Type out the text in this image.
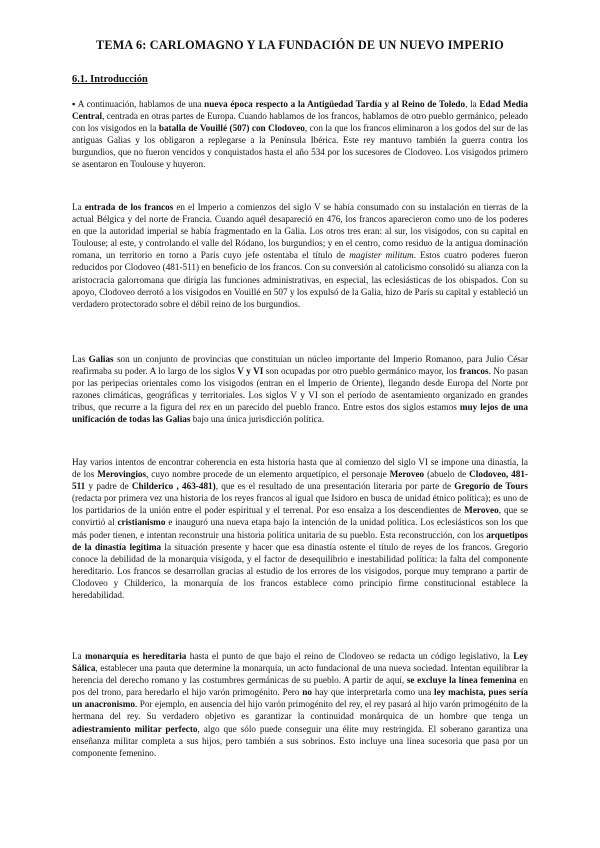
TEMA 6: CARLOMAGNO Y LA FUNDACIÓN DE UN NUEVO IMPERIO
6.1. Introducción

▪ A continuación, hablamos de una nueva época respecto a la Antigüedad Tardía y al Reino de Toledo, la Edad Media Central, centrada en otras partes de Europa. Cuando hablamos de los francos, hablamos de otro pueblo germánico, peleado con los visigodos en la batalla de Vouillé (507) con Clodoveo, con la que los francos eliminaron a los godos del sur de las antiguas Galias y los obligaron a replegarse a la Península Ibérica. Este rey mantuvo también la guerra contra los burgundios, que no fueron vencidos y conquistados hasta el año 534 por los sucesores de Clodoveo. Los visigodos primero se asentaron en Toulouse y huyeron.

La entrada de los francos en el Imperio a comienzos del siglo V se había consumado con su instalación en tierras de la actual Bélgica y del norte de Francia. Cuando aquél desapareció en 476, los francos aparecieron como uno de los poderes en que la autoridad imperial se había fragmentado en la Galia. Los otros tres eran: al sur, los visigodos, con su capital en Toulouse; al este, y controlando el valle del Ródano, los burgundios; y en el centro, como residuo de la antigua dominación romana, un territorio en torno a París cuyo jefe ostentaba el título de magister militum. Estos cuatro poderes fueron reducidos por Clodoveo (481-511) en beneficio de los francos. Con su conversión al catolicismo consolidó su alianza con la aristocracia galorromana que dirigía las funciones administrativas, en especial, las eclesiásticas de los obispados. Con su apoyo, Clodoveo derrotó a los visigodos en Vouillé en 507 y los expulsó de la Galia, hizo de París su capital y estableció un verdadero protectorado sobre el débil reino de los burgundios.

Las Galias son un conjunto de provincias que constituían un núcleo importante del Imperio Romanoo, para Julio César reafirmaba su poder. A lo largo de los siglos V y VI son ocupadas por otro pueblo germánico mayor, los francos. No pasan por las peripecias orientales como los visigodos (entran en el Imperio de Oriente), llegando desde Europa del Norte por razones climáticas, geográficas y territoriales. Los siglos V y VI son el período de asentamiento organizado en grandes tribus, que recurre a la figura del rex en un parecido del pueblo franco. Entre estos dos siglos estamos muy lejos de una unificación de todas las Galias bajo una única jurisdicción política.

Hay varios intentos de encontrar coherencia en esta historia hasta que al comienzo del siglo VI se impone una dinastía, la de los Merovingios, cuyo nombre procede de un elemento arquetípico, el personaje Meroveo (abuelo de Clodoveo, 481-511 y padre de Childerico , 463-481), que es el resultado de una presentación literaria por parte de Gregorio de Tours (redacta por primera vez una historia de los reyes francos al igual que Isidoro en busca de unidad étnico política); es uno de los partidarios de la unión entre el poder espiritual y el terrenal. Por eso ensalza a los descendientes de Meroveo, que se convirtió al cristianismo e inauguró una nueva etapa bajo la intención de la unidad política. Los eclesiásticos son los que más poder tienen, e intentan reconstruir una historia política unitaria de su pueblo. Esta reconstrucción, con los arquetipos de la dinastía legítima la situación presente y hacer que esa dinastía ostente el título de reyes de los francos. Gregorio conoce la debilidad de la monarquía visigoda, y el factor de desequilibrio e inestabilidad política: la falta del componente hereditario. Los francos se desarrollan gracias al estudio de los errores de los visigodos, porque muy temprano a partir de Clodoveo y Childerico, la monarquía de los francos establece como principio firme constitucional establece la heredabilidad.

La monarquía es hereditaria hasta el punto de que bajo el reino de Clodoveo se redacta un código legislativo, la Ley Sálica, establecer una pauta que determine la monarquía, un acto fundacional de una nueva sociedad. Intentan equilibrar la herencia del derecho romano y las costumbres germánicas de su pueblo. A partir de aquí, se excluye la línea femenina en pos del trono, para heredarlo el hijo varón primogénito. Pero no hay que interpretarla como una ley machista, pues sería un anacronismo. Por ejemplo, en ausencia del hijo varón primogénito del rey, el rey pasará al hijo varón primogénito de la hermana del rey. Su verdadero objetivo es garantizar la continuidad monárquica de un hombre que tenga un adiestramiento militar perfecto, algo que sólo puede conseguir una élite muy restringida. El soberano garantiza una enseñanza militar completa a sus hijos, pero también a sus sobrinos. Esto incluye una línea sucesoria que pasa por un componente femenino.
